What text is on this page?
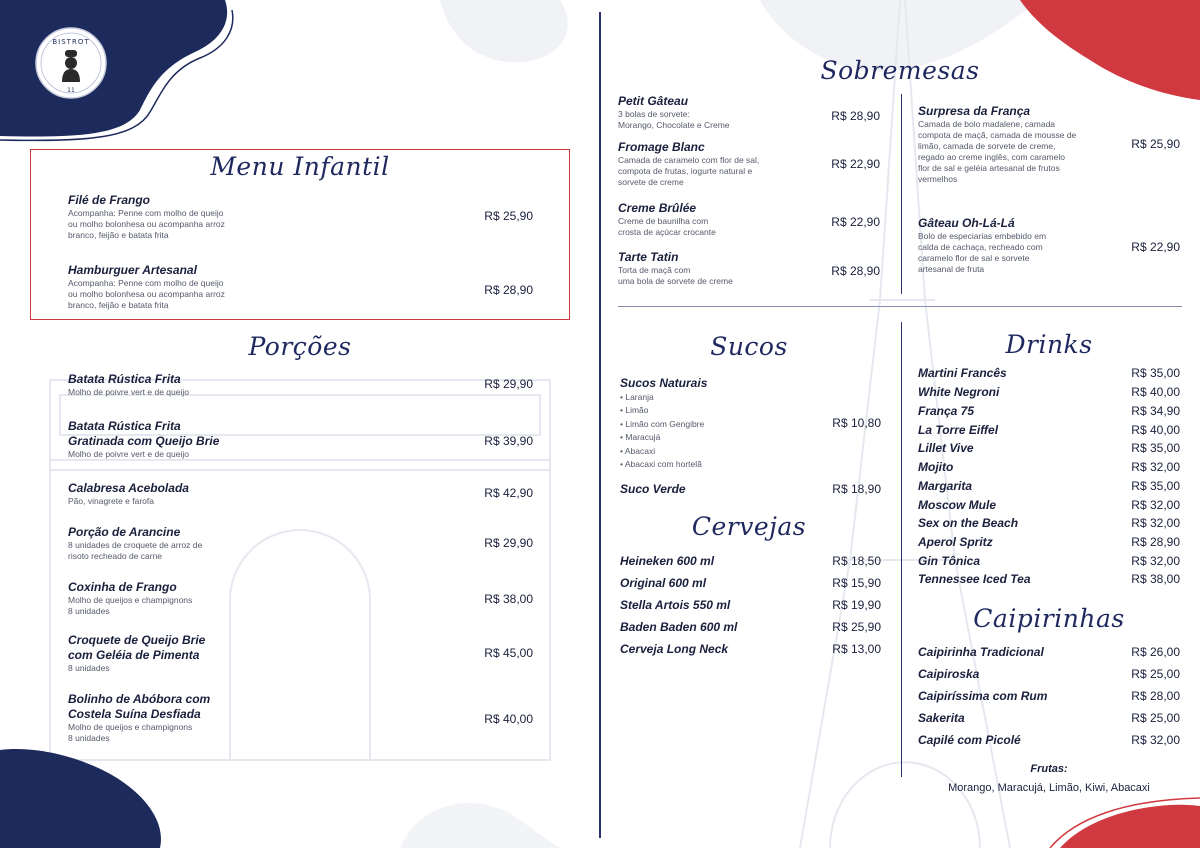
BISTROT
11
Menu Infantil
Filé de Frango
Acompanha: Penne com molho de queijo
ou molho bolonhesa ou acompanha arroz
branco, feijão e batata frita
R$ 25,90
Hamburguer Artesanal
Acompanha: Penne com molho de queijo
ou molho bolonhesa ou acompanha arroz
branco, feijão e batata frita
R$ 28,90
Porções
Batata Rústica Frita
Molho de poivre vert e de queijo
R$ 29,90
Batata Rústica Frita
Gratinada com Queijo Brie
Molho de poivre vert e de queijo
R$ 39,90
Calabresa Acebolada
Pão, vinagrete e farofa
R$ 42,90
Porção de Arancine
8 unidades de croquete de arroz de
risoto recheado de carne
R$ 29,90
Coxinha de Frango
Molho de queijos e champignons
8 unidades
R$ 38,00
Croquete de Queijo Brie
com Geléia de Pimenta
8 unidades
R$ 45,00
Bolinho de Abóbora com
Costela Suína Desfiada
Molho de queijos e champignons
8 unidades
R$ 40,00
Sobremesas
Petit Gâteau
3 bolas de sorvete:
Morango, Chocolate e Creme
R$ 28,90
Fromage Blanc
Camada de caramelo com flor de sal,
compota de frutas, iogurte natural e
sorvete de creme
R$ 22,90
Creme Brûlée
Creme de baunilha com
crosta de açúcar crocante
R$ 22,90
Tarte Tatin
Torta de maçã com
uma bola de sorvete de creme
R$ 28,90
Surpresa da França
Camada de bolo madalene, camada
compota de maçã, camada de mousse de
limão, camada de sorvete de creme,
regado ao creme inglês, com caramelo
flor de sal e geléia artesanal de frutos
vermelhos
R$ 25,90
Gâteau Oh-Lá-Lá
Bolo de especiarias embebido em
calda de cachaça, recheado com
caramelo flor de sal e sorvete
artesanal de fruta
R$ 22,90
Sucos
Sucos Naturais
• Laranja
• Limão
• Limão com Gengibre
• Maracujá
• Abacaxi
• Abacaxi com hortelã
R$ 10,80
Suco Verde	R$ 18,90
Cervejas
Heineken 600 ml	R$ 18,50
Original 600 ml	R$ 15,90
Stella Artois 550 ml	R$ 19,90
Baden Baden 600 ml	R$ 25,90
Cerveja Long Neck	R$ 13,00
Drinks
Martini Francês	R$ 35,00
White Negroni	R$ 40,00
França 75	R$ 34,90
La Torre Eiffel	R$ 40,00
Lillet Vive	R$ 35,00
Mojito	R$ 32,00
Margarita	R$ 35,00
Moscow Mule	R$ 32,00
Sex on the Beach	R$ 32,00
Aperol Spritz	R$ 28,90
Gin Tônica	R$ 32,00
Tennessee Iced Tea	R$ 38,00
Caipirinhas
Caipirinha Tradicional	R$ 26,00
Caipiroska	R$ 25,00
Caipiríssima com Rum	R$ 28,00
Sakerita	R$ 25,00
Capilé com Picolé	R$ 32,00
Frutas:
Morango, Maracujá, Limão, Kiwi, Abacaxi
